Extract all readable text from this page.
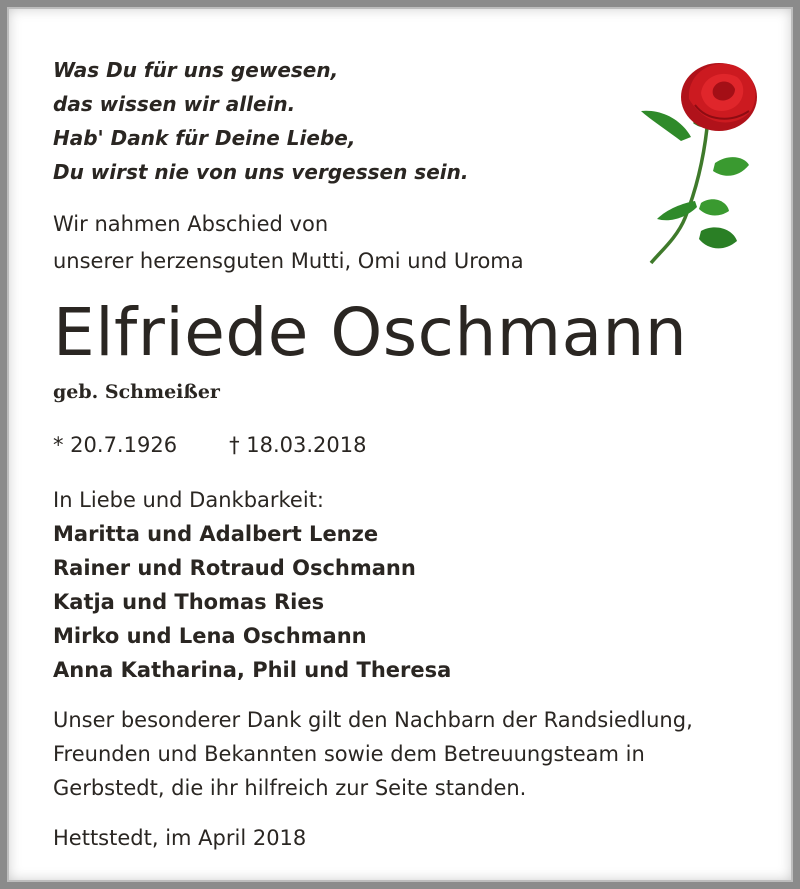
Was Du für uns gewesen,
das wissen wir allein.
Hab' Dank für Deine Liebe,
Du wirst nie von uns vergessen sein.
Wir nahmen Abschied von
unserer herzensguten Mutti, Omi und Uroma
Elfriede Oschmann
geb. Schmeißer
* 20.7.1926 † 18.03.2018
In Liebe und Dankbarkeit:
Maritta und Adalbert Lenze
Rainer und Rotraud Oschmann
Katja und Thomas Ries
Mirko und Lena Oschmann
Anna Katharina, Phil und Theresa
Unser besonderer Dank gilt den Nachbarn der Randsiedlung,
Freunden und Bekannten sowie dem Betreuungsteam in
Gerbstedt, die ihr hilfreich zur Seite standen.
Hettstedt, im April 2018
